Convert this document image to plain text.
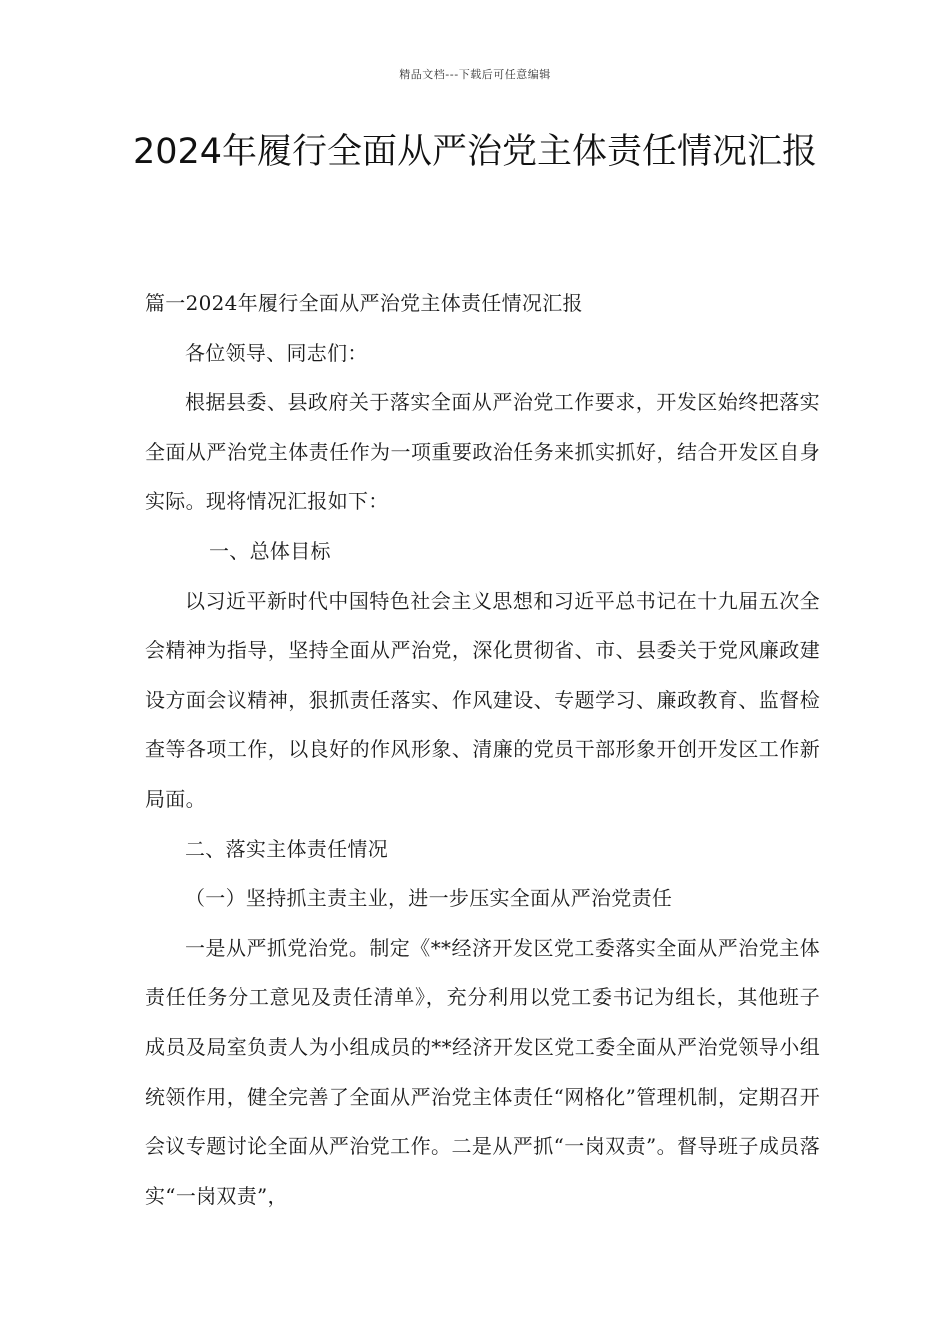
精品文档---下载后可任意编辑
2024年履行全面从严治党主体责任情况汇报

篇一2024年履行全面从严治党主体责任情况汇报

各位领导、同志们：

根据县委、县政府关于落实全面从严治党工作要求，开发区始终把落实全面从严治党主体责任作为一项重要政治任务来抓实抓好，结合开发区自身实际。现将情况汇报如下：

一、总体目标

以习近平新时代中国特色社会主义思想和习近平总书记在十九届五次全会精神为指导，坚持全面从严治党，深化贯彻省、市、县委关于党风廉政建设方面会议精神，狠抓责任落实、作风建设、专题学习、廉政教育、监督检查等各项工作，以良好的作风形象、清廉的党员干部形象开创开发区工作新局面。

二、落实主体责任情况

（一）坚持抓主责主业，进一步压实全面从严治党责任

一是从严抓党治党。制定《**经济开发区党工委落实全面从严治党主体责任任务分工意见及责任清单》，充分利用以党工委书记为组长，其他班子成员及局室负责人为小组成员的**经济开发区党工委全面从严治党领导小组统领作用，健全完善了全面从严治党主体责任“网格化”管理机制，定期召开会议专题讨论全面从严治党工作。二是从严抓“一岗双责”。督导班子成员落实“一岗双责”，
